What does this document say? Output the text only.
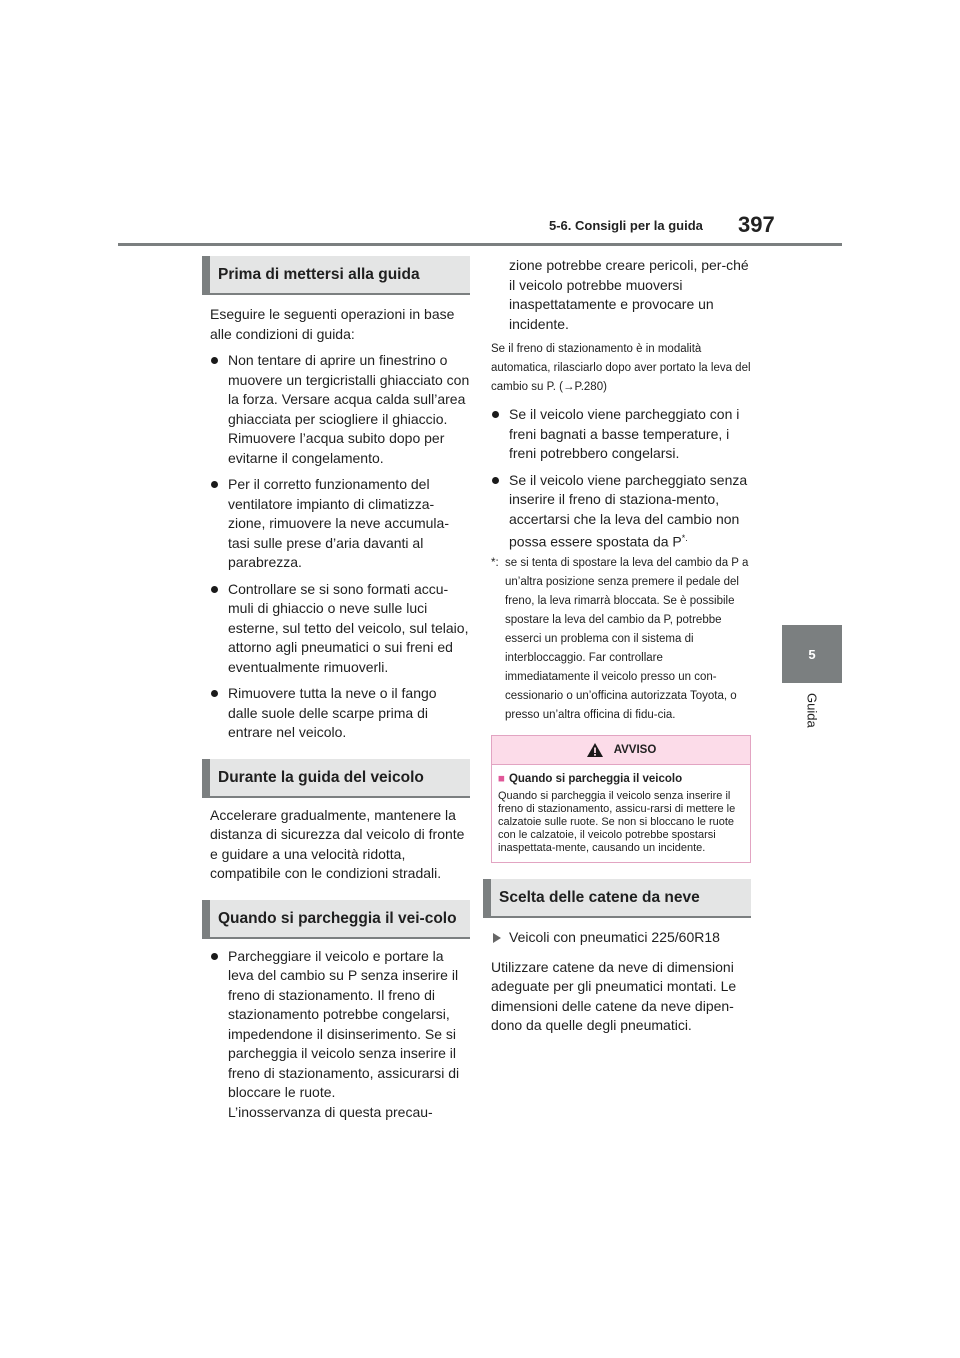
5-6. Consigli per la guida 397
5
Guida
Prima di mettersi alla guida

Eseguire le seguenti operazioni in base alle condizioni di guida:

Non tentare di aprire un finestrino o muovere un tergicristalli ghiacciato con la forza. Versare acqua calda sull’area ghiacciata per sciogliere il ghiaccio. Rimuovere l’acqua subito dopo per evitarne il congelamento.
Per il corretto funzionamento del ventilatore impianto di climatizza-zione, rimuovere la neve accumula-tasi sulle prese d’aria davanti al parabrezza.
Controllare se si sono formati accu-muli di ghiaccio o neve sulle luci esterne, sul tetto del veicolo, sul telaio, attorno agli pneumatici o sui freni ed eventualmente rimuoverli.
Rimuovere tutta la neve o il fango dalle suole delle scarpe prima di entrare nel veicolo.
Durante la guida del veicolo

Accelerare gradualmente, mantenere la distanza di sicurezza dal veicolo di fronte e guidare a una velocità ridotta, compatibile con le condizioni stradali.

Quando si parcheggia il vei-colo
Parcheggiare il veicolo e portare la leva del cambio su P senza inserire il freno di stazionamento. Il freno di stazionamento potrebbe congelarsi, impedendone il disinserimento. Se si parcheggia il veicolo senza inserire il freno di stazionamento, assicurarsi di bloccare le ruote.
L’inosservanza di questa precau-
zione potrebbe creare pericoli, per-ché il veicolo potrebbe muoversi inaspettatamente e provocare un incidente.

Se il freno di stazionamento è in modalità automatica, rilasciarlo dopo aver portato la leva del cambio su P. (→P.280)

Se il veicolo viene parcheggiato con i freni bagnati a basse temperature, i freni potrebbero congelarsi.
Se il veicolo viene parcheggiato senza inserire il freno di staziona-mento, accertarsi che la leva del cambio non possa essere spostata da P*.
*: se si tenta di spostare la leva del cambio da P a un’altra posizione senza premere il pedale del freno, la leva rimarrà bloccata. Se è possibile spostare la leva del cambio da P, potrebbe esserci un problema con il sistema di interbloccaggio. Far controllare immediatamente il veicolo presso un con-cessionario o un’officina autorizzata Toyota, o presso un’altra officina di fidu-cia.
AVVISO
■ Quando si parcheggia il veicolo

Quando si parcheggia il veicolo senza inserire il freno di stazionamento, assicu-rarsi di mettere le calzatoie sulle ruote. Se non si bloccano le ruote con le calzatoie, il veicolo potrebbe spostarsi inaspettata-mente, causando un incidente.

Scelta delle catene da neve
Veicoli con pneumatici 225/60R18

Utilizzare catene da neve di dimensioni adeguate per gli pneumatici montati. Le dimensioni delle catene da neve dipen-dono da quelle degli pneumatici.
